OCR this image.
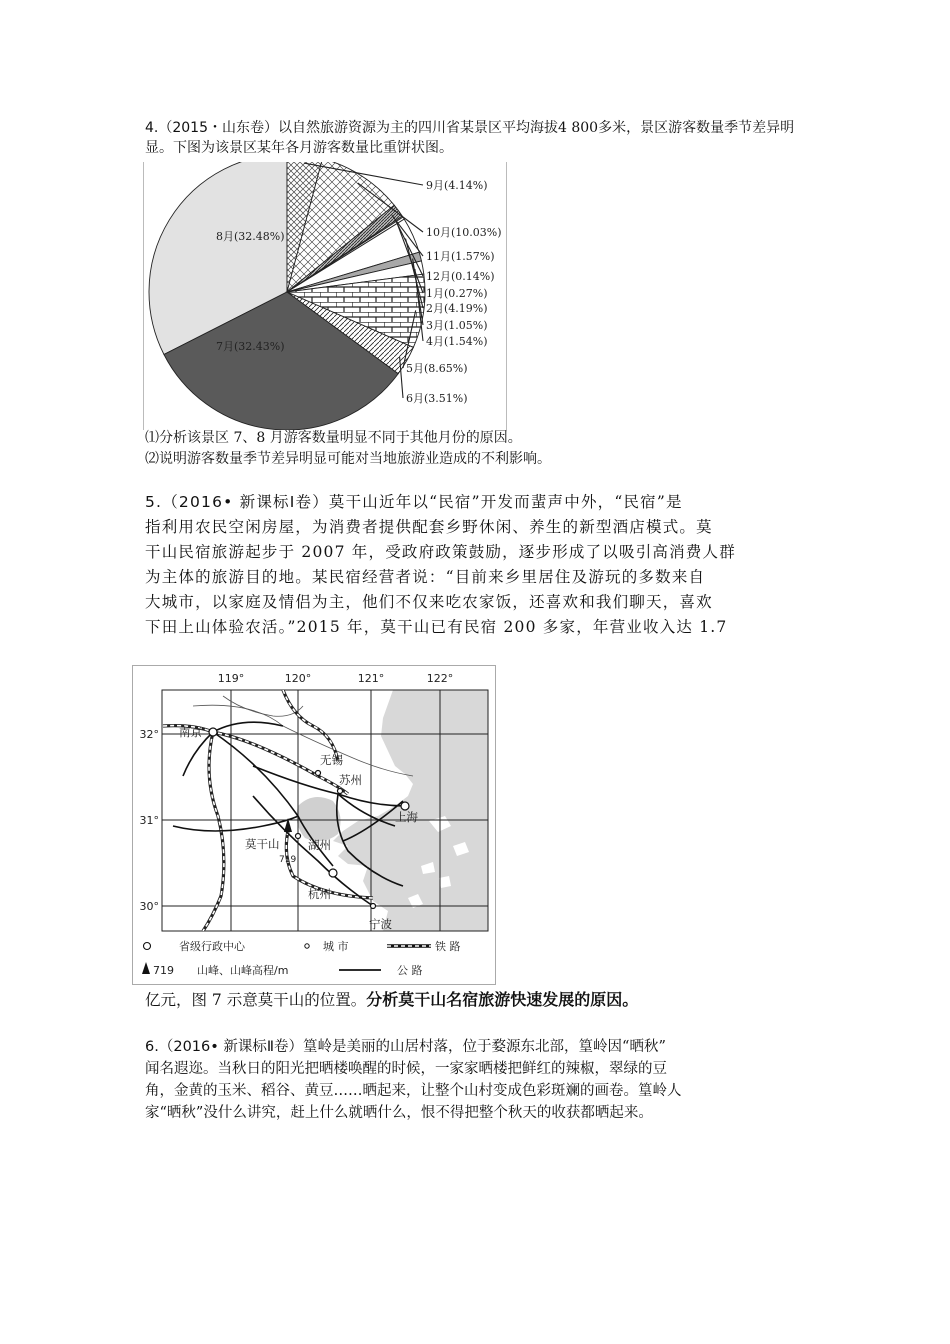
4.（2015・山东卷）以自然旅游资源为主的四川省某景区平均海拔4 800多米，景区游客数量季节差异明显。下图为该景区某年各月游客数量比重饼状图。

8月(32.48%)
9月(4.14%)
10月(10.03%)
11月(1.57%)
12月(0.14%)
1月(0.27%)
2月(4.19%)
3月(1.05%)
4月(1.54%)
5月(8.65%)
6月(3.51%)
7月(32.43%)

⑴分析该景区 7、8 月游客数量明显不同于其他月份的原因。

⑵说明游客数量季节差异明显可能对当地旅游业造成的不利影响。

5.（2016• 新课标Ⅰ卷）莫干山近年以“民宿”开发而蜚声中外，“民宿”是

指利用农民空闲房屋，为消费者提供配套乡野休闲、养生的新型酒店模式。莫

干山民宿旅游起步于 2007 年，受政府政策鼓励，逐步形成了以吸引高消费人群

为主体的旅游目的地。某民宿经营者说：“目前来乡里居住及游玩的多数来自

大城市，以家庭及情侣为主，他们不仅来吃农家饭，还喜欢和我们聊天，喜欢

下田上山体验农活。”2015 年，莫干山已有民宿 200 多家，年营业收入达 1.7

119°	120°	121°	122°
32°
31°
30°
南京
无锡
苏州
上海
湖州
莫干山
719
杭州
宁波
省级行政中心	城 市	铁 路
719 山峰、山峰高程/m	公 路

亿元，图 7 示意莫干山的位置。分析莫干山名宿旅游快速发展的原因。

6.（2016• 新课标Ⅱ卷）篁岭是美丽的山居村落，位于婺源东北部，篁岭因“晒秋”

闻名遐迩。当秋日的阳光把晒楼唤醒的时候，一家家晒楼把鲜红的辣椒，翠绿的豆

角，金黄的玉米、稻谷、黄豆……晒起来，让整个山村变成色彩斑斓的画卷。篁岭人

家“晒秋”没什么讲究，赶上什么就晒什么，恨不得把整个秋天的收获都晒起来。
